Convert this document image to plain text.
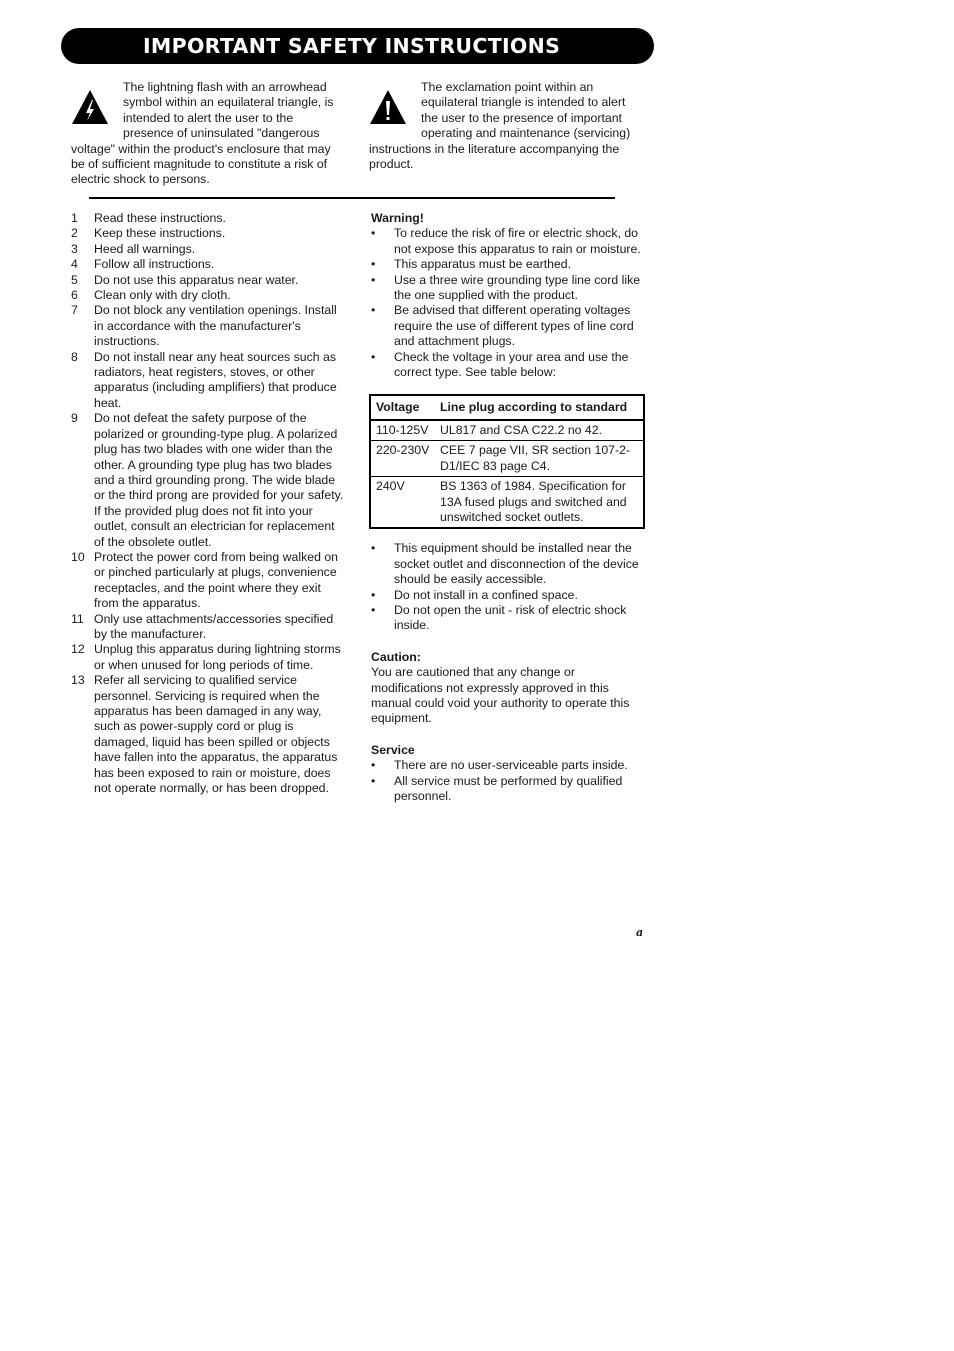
IMPORTANT SAFETY INSTRUCTIONS

The lightning flash with an arrowhead symbol within an equilateral triangle, is intended to alert the user to the presence of uninsulated "dangerous voltage" within the product's enclosure that may be of sufficient magnitude to constitute a risk of electric shock to persons.

The exclamation point within an equilateral triangle is intended to alert the user to the presence of important operating and maintenance (servicing) instructions in the literature accompanying the product.

1 Read these instructions.
2 Keep these instructions.
3 Heed all warnings.
4 Follow all instructions.
5 Do not use this apparatus near water.
6 Clean only with dry cloth.
7 Do not block any ventilation openings. Install in accordance with the manufacturer's instructions.
8 Do not install near any heat sources such as radiators, heat registers, stoves, or other apparatus (including amplifiers) that produce heat.
9 Do not defeat the safety purpose of the polarized or grounding-type plug. A polarized plug has two blades with one wider than the other. A grounding type plug has two blades and a third grounding prong. The wide blade or the third prong are provided for your safety. If the provided plug does not fit into your outlet, consult an electrician for replacement of the obsolete outlet.
10 Protect the power cord from being walked on or pinched particularly at plugs, convenience receptacles, and the point where they exit from the apparatus.
11 Only use attachments/accessories specified by the manufacturer.
12 Unplug this apparatus during lightning storms or when unused for long periods of time.
13 Refer all servicing to qualified service personnel. Servicing is required when the apparatus has been damaged in any way, such as power-supply cord or plug is damaged, liquid has been spilled or objects have fallen into the apparatus, the apparatus has been exposed to rain or moisture, does not operate normally, or has been dropped.

Warning!

• To reduce the risk of fire or electric shock, do not expose this apparatus to rain or moisture.
• This apparatus must be earthed.
• Use a three wire grounding type line cord like the one supplied with the product.
• Be advised that different operating voltages require the use of different types of line cord and attachment plugs.
• Check the voltage in your area and use the correct type. See table below:
Voltage	Line plug according to standard
110-125V	UL817 and CSA C22.2 no 42.
220-230V	CEE 7 page VII, SR section 107-2-D1/IEC 83 page C4.
240V	BS 1363 of 1984. Specification for 13A fused plugs and switched and unswitched socket outlets.
• This equipment should be installed near the socket outlet and disconnection of the device should be easily accessible.
• Do not install in a confined space.
• Do not open the unit - risk of electric shock inside.

Caution:

You are cautioned that any change or modifications not expressly approved in this manual could void your authority to operate this equipment.

Service

• There are no user-serviceable parts inside.
• All service must be performed by qualified personnel.
a
